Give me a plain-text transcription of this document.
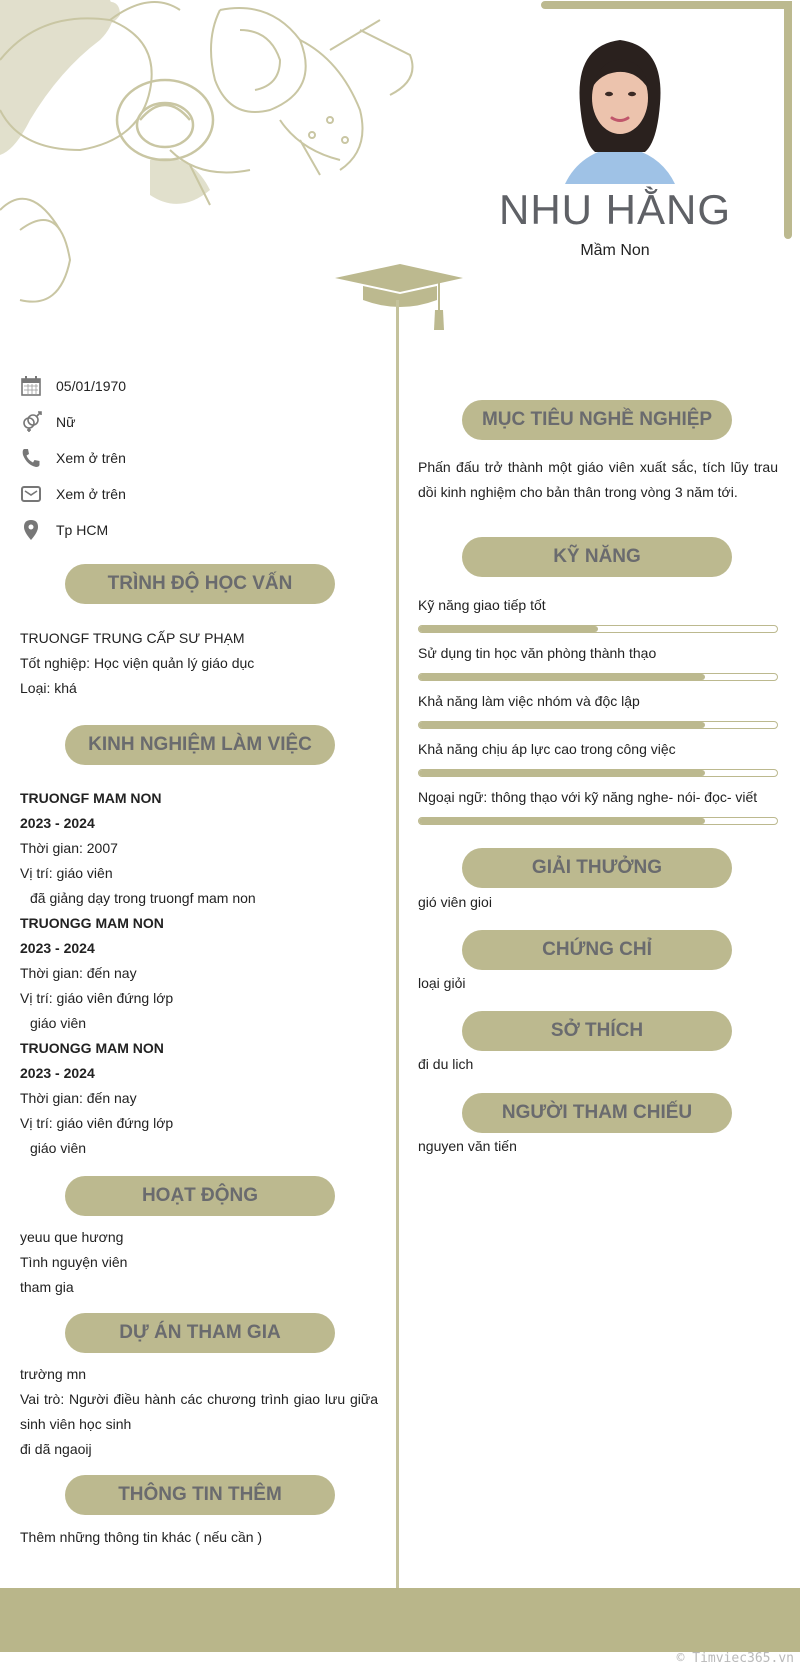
NHU HẰNG
Mầm Non
05/01/1970
Nữ
Xem ở trên
Xem ở trên
Tp HCM
TRÌNH ĐỘ HỌC VẤN
TRUONGF TRUNG CẤP SƯ PHẠM
Tốt nghiệp: Học viện quản lý giáo dục
Loại: khá
KINH NGHIỆM LÀM VIỆC
TRUONGF MAM NON
2023 - 2024
Thời gian: 2007
Vị trí: giáo viên
đã giảng dạy trong truongf mam non
TRUONGG MAM NON
2023 - 2024
Thời gian: đến nay
Vị trí: giáo viên đứng lớp
giáo viên
TRUONGG MAM NON
2023 - 2024
Thời gian: đến nay
Vị trí: giáo viên đứng lớp
giáo viên
HOẠT ĐỘNG
yeuu que hương
Tình nguyện viên
tham gia
DỰ ÁN THAM GIA
trường mn
Vai trò: Người điều hành các chương trình giao lưu giữa sinh viên học sinh
đi dã ngaoij
THÔNG TIN THÊM
Thêm những thông tin khác ( nếu cần )
MỤC TIÊU NGHỀ NGHIỆP
Phấn đấu trở thành một giáo viên xuất sắc, tích lũy trau dồi kinh nghiệm cho bản thân trong vòng 3 năm tới.
KỸ NĂNG
Kỹ năng giao tiếp tốt
Sử dụng tin học văn phòng thành thạo
Khả năng làm việc nhóm và độc lập
Khả năng chịu áp lực cao trong công việc
Ngoại ngữ: thông thạo với kỹ năng nghe- nói- đọc- viết
GIẢI THƯỞNG
gió viên gioi
CHỨNG CHỈ
loại giỏi
SỞ THÍCH
đi du lich
NGƯỜI THAM CHIẾU
nguyen văn tiến
© Timviec365.vn
